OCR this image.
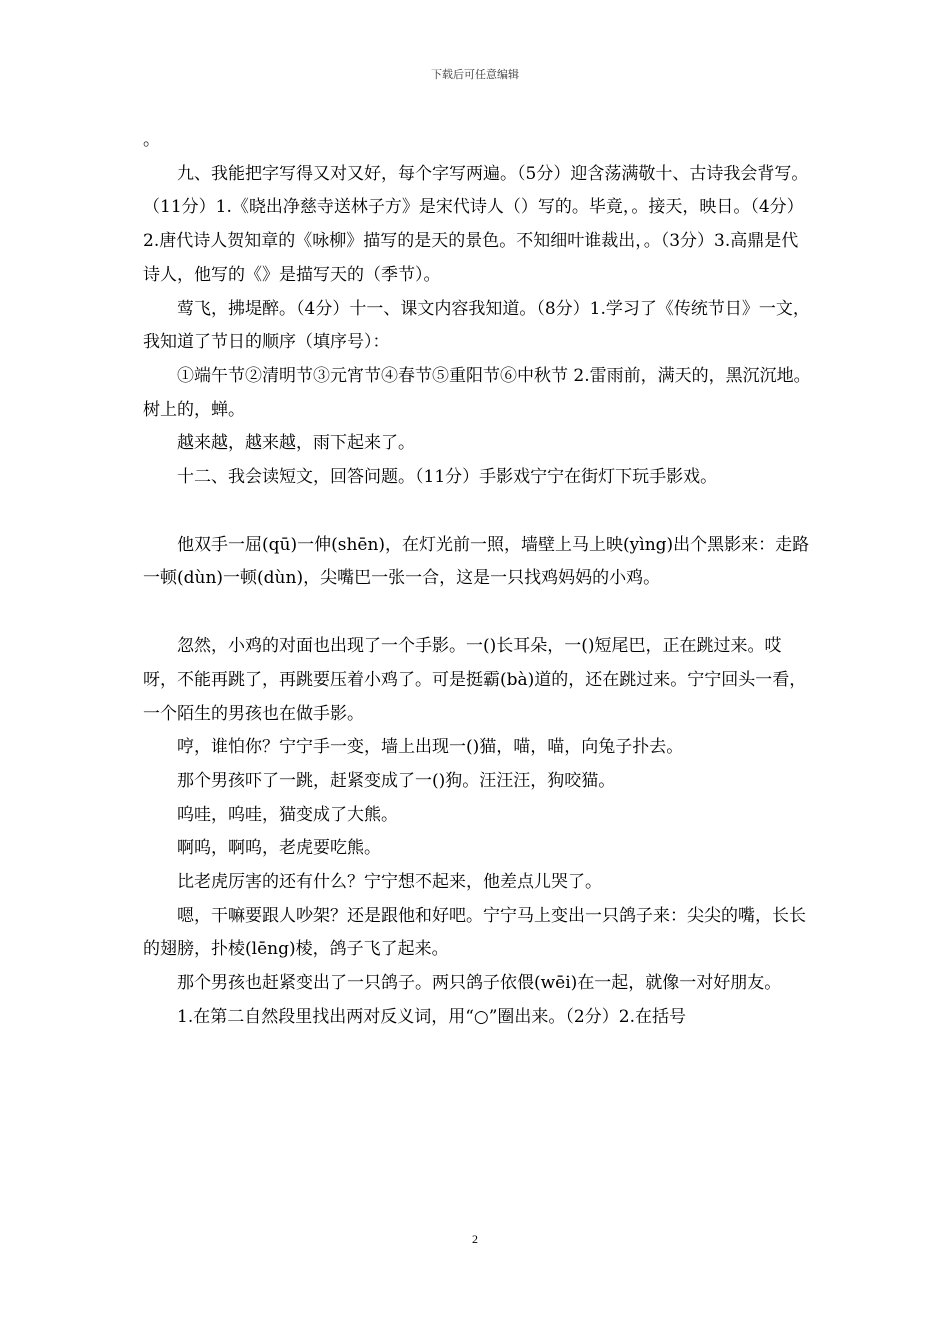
下载后可任意编辑

。

九、我能把字写得又对又好，每个字写两遍。（5分）迎含荡满敬十、古诗我会背写。（11分）1.《晓出净慈寺送林子方》是宋代诗人（）写的。毕竟，。接天，映日。（4分）2.唐代诗人贺知章的《咏柳》描写的是天的景色。不知细叶谁裁出，。（3分）3.高鼎是代诗人，他写的《》是描写天的（季节）。

莺飞，拂堤醉。（4分）十一、课文内容我知道。（8分）1.学习了《传统节日》一文，我知道了节日的顺序（填序号）：

①端午节②清明节③元宵节④春节⑤重阳节⑥中秋节 2.雷雨前，满天的，黑沉沉地。树上的，蝉。

越来越，越来越，雨下起来了。

十二、我会读短文，回答问题。（11分）手影戏宁宁在街灯下玩手影戏。

他双手一屈(qū)一伸(shēn)，在灯光前一照，墙壁上马上映(yìng)出个黑影来：走路一顿(dùn)一顿(dùn)，尖嘴巴一张一合，这是一只找鸡妈妈的小鸡。

忽然，小鸡的对面也出现了一个手影。一()长耳朵，一()短尾巴，正在跳过来。哎呀，不能再跳了，再跳要压着小鸡了。可是挺霸(bà)道的，还在跳过来。宁宁回头一看，一个陌生的男孩也在做手影。

哼，谁怕你？宁宁手一变，墙上出现一()猫，喵，喵，向兔子扑去。

那个男孩吓了一跳，赶紧变成了一()狗。汪汪汪，狗咬猫。

呜哇，呜哇，猫变成了大熊。

啊呜，啊呜，老虎要吃熊。

比老虎厉害的还有什么？宁宁想不起来，他差点儿哭了。

嗯，干嘛要跟人吵架？还是跟他和好吧。宁宁马上变出一只鸽子来：尖尖的嘴，长长的翅膀，扑棱(lēng)棱，鸽子飞了起来。

那个男孩也赶紧变出了一只鸽子。两只鸽子依偎(wēi)在一起，就像一对好朋友。

1.在第二自然段里找出两对反义词，用“○”圈出来。（2分）2.在括号

2
